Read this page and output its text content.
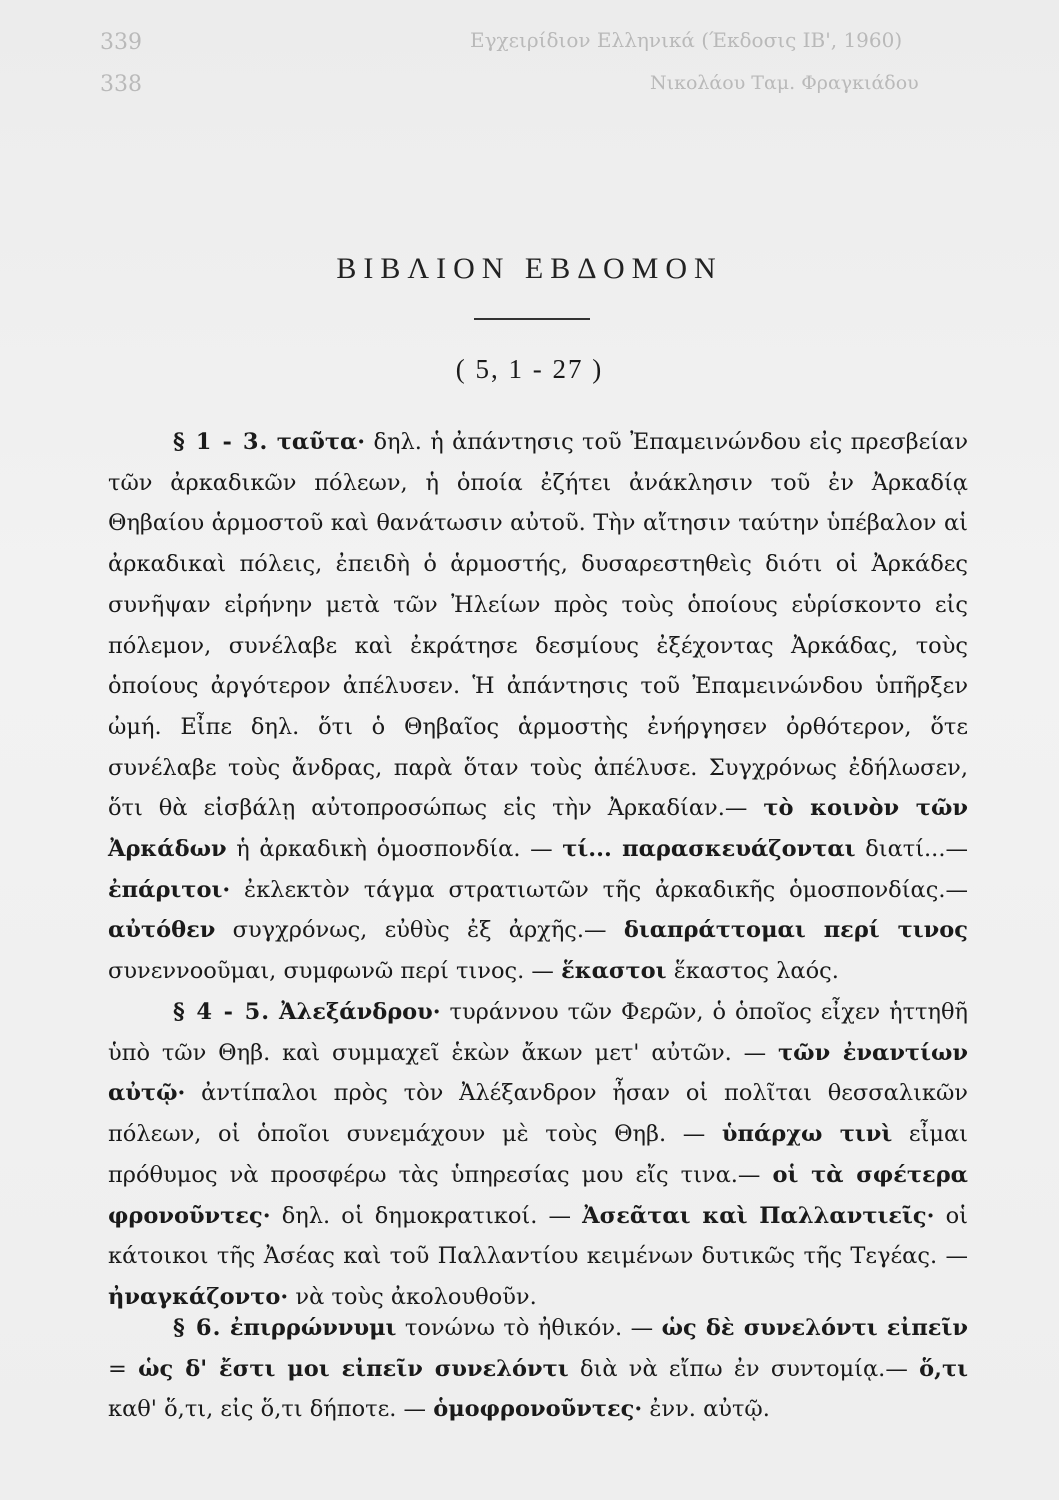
339	Εγχειρίδιον Ελληνικά (Έκδοσις ΙΒ', 1960)
338	Νικολάου Ταμ. Φραγκιάδου
ΒΙΒΛΙΟΝ ΕΒΔΟΜΟΝ
( 5, 1 - 27 )

§ 1 - 3. ταῦτα· δηλ. ἡ ἀπάντησις τοῦ Ἐπαμεινώνδου εἰς πρεσβείαν τῶν ἀρκαδικῶν πόλεων, ἡ ὁποία ἐζήτει ἀνάκλησιν τοῦ ἐν Ἀρκαδίᾳ Θηβαίου ἁρμοστοῦ καὶ θανάτωσιν αὐτοῦ. Τὴν αἴτησιν ταύτην ὑπέβαλον αἱ ἀρκαδικαὶ πόλεις, ἐπειδὴ ὁ ἁρμοστής, δυσαρεστηθεὶς διότι οἱ Ἀρκάδες συνῆψαν εἰρήνην μετὰ τῶν Ἠλείων πρὸς τοὺς ὁποίους εὑρίσκοντο εἰς πόλεμον, συνέλαβε καὶ ἐκράτησε δεσμίους ἐξέχοντας Ἀρκάδας, τοὺς ὁποίους ἀργότερον ἀπέλυσεν. Ἡ ἀπάντησις τοῦ Ἐπαμεινώνδου ὑπῆρξεν ὠμή. Εἶπε δηλ. ὅτι ὁ Θηβαῖος ἁρμοστὴς ἐνήργησεν ὀρθότερον, ὅτε συνέλαβε τοὺς ἄνδρας, παρὰ ὅταν τοὺς ἀπέλυσε. Συγχρόνως ἐδήλωσεν, ὅτι θὰ εἰσβάλῃ αὐτοπροσώπως εἰς τὴν Ἀρκαδίαν.— τὸ κοινὸν τῶν Ἀρκάδων ἡ ἀρκαδικὴ ὁμοσπονδία. — τί... παρασκευάζονται διατί...— ἐπάριτοι· ἐκλεκτὸν τάγμα στρατιωτῶν τῆς ἀρκαδικῆς ὁμοσπονδίας.— αὐτόθεν συγχρόνως, εὐθὺς ἐξ ἀρχῆς.— διαπράττομαι περί τινος συνεννοοῦμαι, συμφωνῶ περί τινος. — ἕκαστοι ἕκαστος λαός.

§ 4 - 5. Ἀλεξάνδρου· τυράννου τῶν Φερῶν, ὁ ὁποῖος εἶχεν ἡττηθῆ ὑπὸ τῶν Θηβ. καὶ συμμαχεῖ ἑκὼν ἄκων μετ' αὐτῶν. — τῶν ἐναντίων αὐτῷ· ἀντίπαλοι πρὸς τὸν Ἀλέξανδρον ἦσαν οἱ πολῖται θεσσαλικῶν πόλεων, οἱ ὁποῖοι συνεμάχουν μὲ τοὺς Θηβ. — ὑπάρχω τινὶ εἶμαι πρόθυμος νὰ προσφέρω τὰς ὑπηρεσίας μου εἴς τινα.— οἱ τὰ σφέτερα φρονοῦντες· δηλ. οἱ δημοκρατικοί. — Ἀσεᾶται καὶ Παλλαντιεῖς· οἱ κάτοικοι τῆς Ἀσέας καὶ τοῦ Παλλαντίου κειμένων δυτικῶς τῆς Τεγέας. — ἠναγκάζοντο· νὰ τοὺς ἀκολουθοῦν.

§ 6. ἐπιρρώννυμι τονώνω τὸ ἠθικόν. — ὡς δὲ συνελόντι εἰπεῖν = ὡς δ' ἔστι μοι εἰπεῖν συνελόντι διὰ νὰ εἴπω ἐν συντομίᾳ.— ὅ,τι καθ' ὅ,τι, εἰς ὅ,τι δήποτε. — ὁμοφρονοῦντες· ἐνν. αὐτῷ.
